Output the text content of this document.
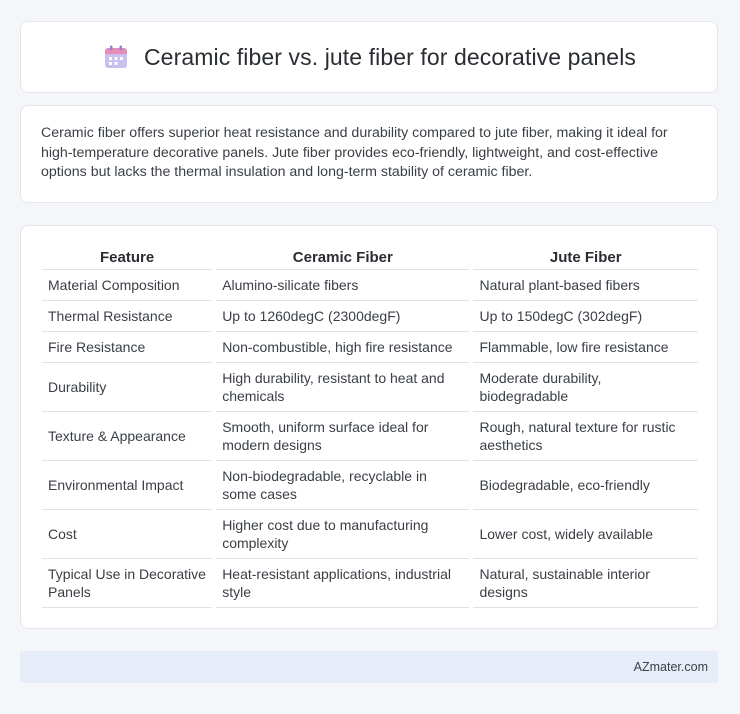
Ceramic fiber vs. jute fiber for decorative panels

Ceramic fiber offers superior heat resistance and durability compared to jute fiber, making it ideal for high-temperature decorative panels. Jute fiber provides eco-friendly, lightweight, and cost-effective options but lacks the thermal insulation and long-term stability of ceramic fiber.

Feature	Ceramic Fiber	Jute Fiber
Material Composition	Alumino-silicate fibers	Natural plant-based fibers
Thermal Resistance	Up to 1260degC (2300degF)	Up to 150degC (302degF)
Fire Resistance	Non-combustible, high fire resistance	Flammable, low fire resistance
Durability	High durability, resistant to heat and chemicals	Moderate durability, biodegradable
Texture & Appearance	Smooth, uniform surface ideal for modern designs	Rough, natural texture for rustic aesthetics
Environmental Impact	Non-biodegradable, recyclable in some cases	Biodegradable, eco-friendly
Cost	Higher cost due to manufacturing complexity	Lower cost, widely available
Typical Use in Decorative Panels	Heat-resistant applications, industrial style	Natural, sustainable interior designs
AZmater.com
